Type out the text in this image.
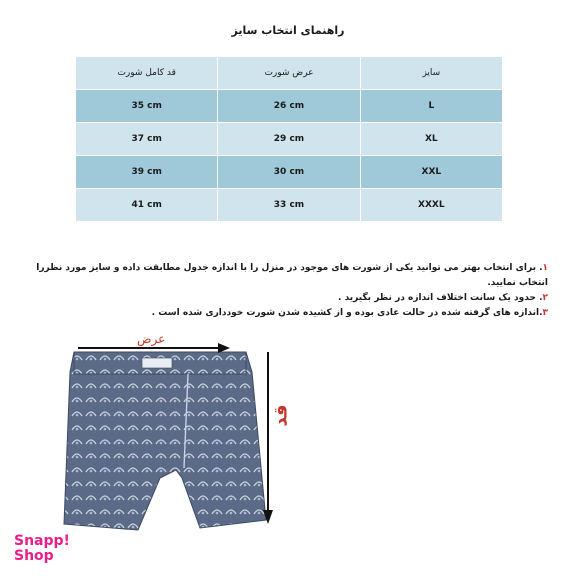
راهنمای انتخاب سایز
قد کامل شورت	عرض شورت	سایز
35 cm	26 cm	L
37 cm	29 cm	XL
39 cm	30 cm	XXL
41 cm	33 cm	XXXL

۱. برای انتخاب بهتر می توانید یکی از شورت های موجود در منزل را با اندازه جدول مطابقت داده و سایز مورد نظررا انتخاب نمایید.

۲. حدود یک سانت اختلاف اندازه در نظر بگیرید .

۳.اندازه های گرفته شده در حالت عادی بوده و از کشیده شدن شورت خودداری شده است .

عرض
قد
Snapp!
Shop
